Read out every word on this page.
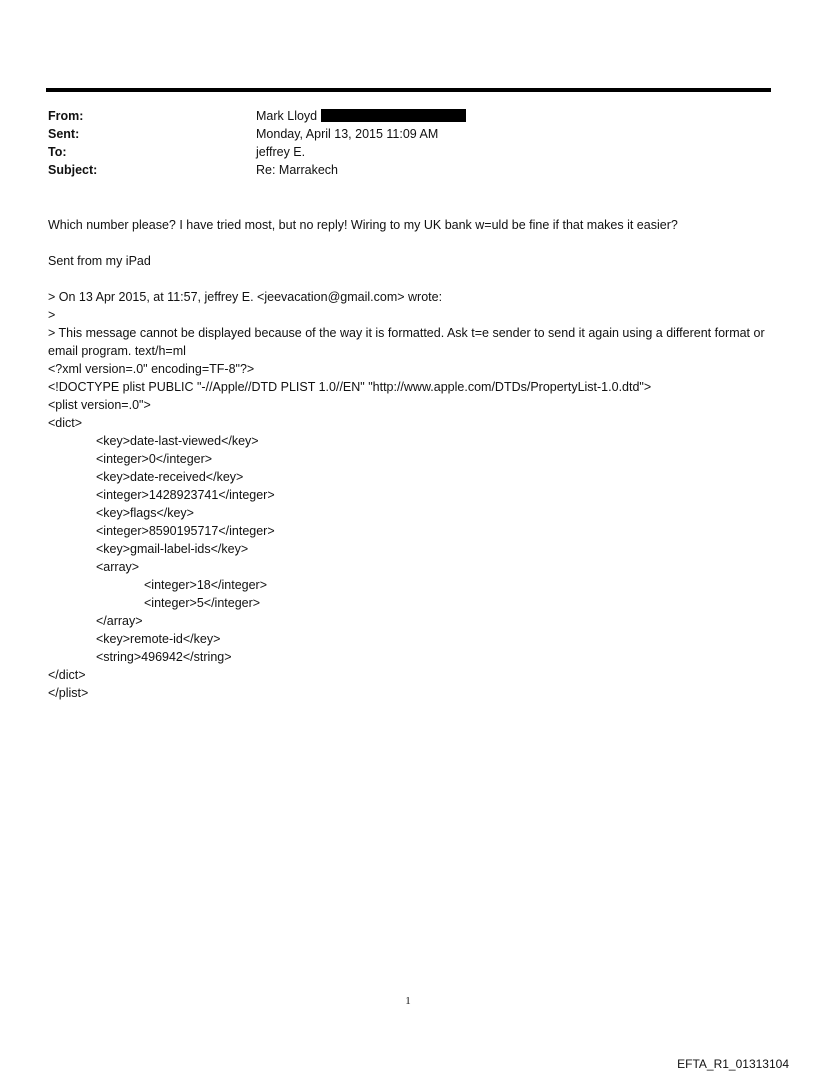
From:	Mark Lloyd
Sent:	Monday, April 13, 2015 11:09 AM
To:	jeffrey E.
Subject:	Re: Marrakech

Which number please? I have tried most, but no reply! Wiring to my UK bank w=uld be fine if that makes it easier?

Sent from my iPad

> On 13 Apr 2015, at 11:57, jeffrey E. <jeevacation@gmail.com> wrote:

>

> This message cannot be displayed because of the way it is formatted. Ask t=e sender to send it again using a different format or email program. text/h=ml

<?xml version=.0" encoding=TF-8"?>

<!DOCTYPE plist PUBLIC "-//Apple//DTD PLIST 1.0//EN" "http://www.apple.com/DTDs/PropertyList-1.0.dtd">

<plist version=.0">

<dict>

<key>date-last-viewed</key>

<integer>0</integer>

<key>date-received</key>

<integer>1428923741</integer>

<key>flags</key>

<integer>8590195717</integer>

<key>gmail-label-ids</key>

<array>

<integer>18</integer>

<integer>5</integer>

</array>

<key>remote-id</key>

<string>496942</string>

</dict>

</plist>

1
EFTA_R1_01313104
